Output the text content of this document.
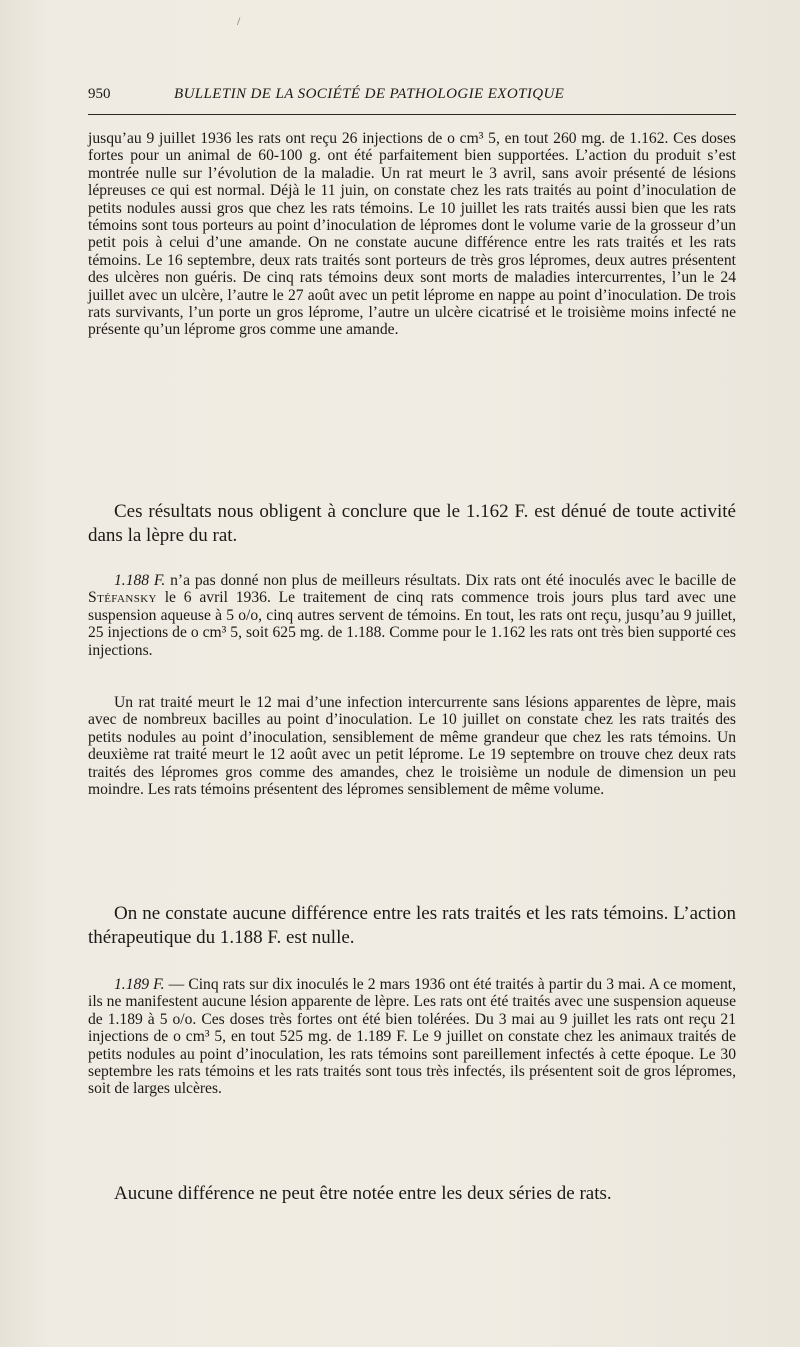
/
950	BULLETIN DE LA SOCIÉTÉ DE PATHOLOGIE EXOTIQUE

jusqu’au 9 juillet 1936 les rats ont reçu 26 injections de o cm³ 5, en tout 260 mg. de 1.162. Ces doses fortes pour un animal de 60-100 g. ont été parfaitement bien supportées. L’action du produit s’est montrée nulle sur l’évolution de la maladie. Un rat meurt le 3 avril, sans avoir présenté de lésions lépreuses ce qui est normal. Déjà le 11 juin, on constate chez les rats traités au point d’inoculation de petits nodules aussi gros que chez les rats témoins. Le 10 juillet les rats traités aussi bien que les rats témoins sont tous porteurs au point d’inoculation de lépromes dont le volume varie de la grosseur d’un petit pois à celui d’une amande. On ne constate aucune différence entre les rats traités et les rats témoins. Le 16 septembre, deux rats traités sont porteurs de très gros lépromes, deux autres présentent des ulcères non guéris. De cinq rats témoins deux sont morts de maladies intercurrentes, l’un le 24 juillet avec un ulcère, l’autre le 27 août avec un petit léprome en nappe au point d’inoculation. De trois rats survivants, l’un porte un gros léprome, l’autre un ulcère cicatrisé et le troisième moins infecté ne présente qu’un léprome gros comme une amande.

Ces résultats nous obligent à conclure que le 1.162 F. est dénué de toute activité dans la lèpre du rat.

1.188 F. n’a pas donné non plus de meilleurs résultats. Dix rats ont été inoculés avec le bacille de Stéfansky le 6 avril 1936. Le traitement de cinq rats commence trois jours plus tard avec une suspension aqueuse à 5 o/o, cinq autres servent de témoins. En tout, les rats ont reçu, jusqu’au 9 juillet, 25 injections de o cm³ 5, soit 625 mg. de 1.188. Comme pour le 1.162 les rats ont très bien supporté ces injections.

Un rat traité meurt le 12 mai d’une infection intercurrente sans lésions apparentes de lèpre, mais avec de nombreux bacilles au point d’inoculation. Le 10 juillet on constate chez les rats traités des petits nodules au point d’inoculation, sensiblement de même grandeur que chez les rats témoins. Un deuxième rat traité meurt le 12 août avec un petit léprome. Le 19 septembre on trouve chez deux rats traités des lépromes gros comme des amandes, chez le troisième un nodule de dimension un peu moindre. Les rats témoins présentent des lépromes sensiblement de même volume.

On ne constate aucune différence entre les rats traités et les rats témoins. L’action thérapeutique du 1.188 F. est nulle.

1.189 F. — Cinq rats sur dix inoculés le 2 mars 1936 ont été traités à partir du 3 mai. A ce moment, ils ne manifestent aucune lésion apparente de lèpre. Les rats ont été traités avec une suspension aqueuse de 1.189 à 5 o/o. Ces doses très fortes ont été bien tolérées. Du 3 mai au 9 juillet les rats ont reçu 21 injections de o cm³ 5, en tout 525 mg. de 1.189 F. Le 9 juillet on constate chez les animaux traités de petits nodules au point d’inoculation, les rats témoins sont pareillement infectés à cette époque. Le 30 septembre les rats témoins et les rats traités sont tous très infectés, ils présentent soit de gros lépromes, soit de larges ulcères.

Aucune différence ne peut être notée entre les deux séries de rats.
